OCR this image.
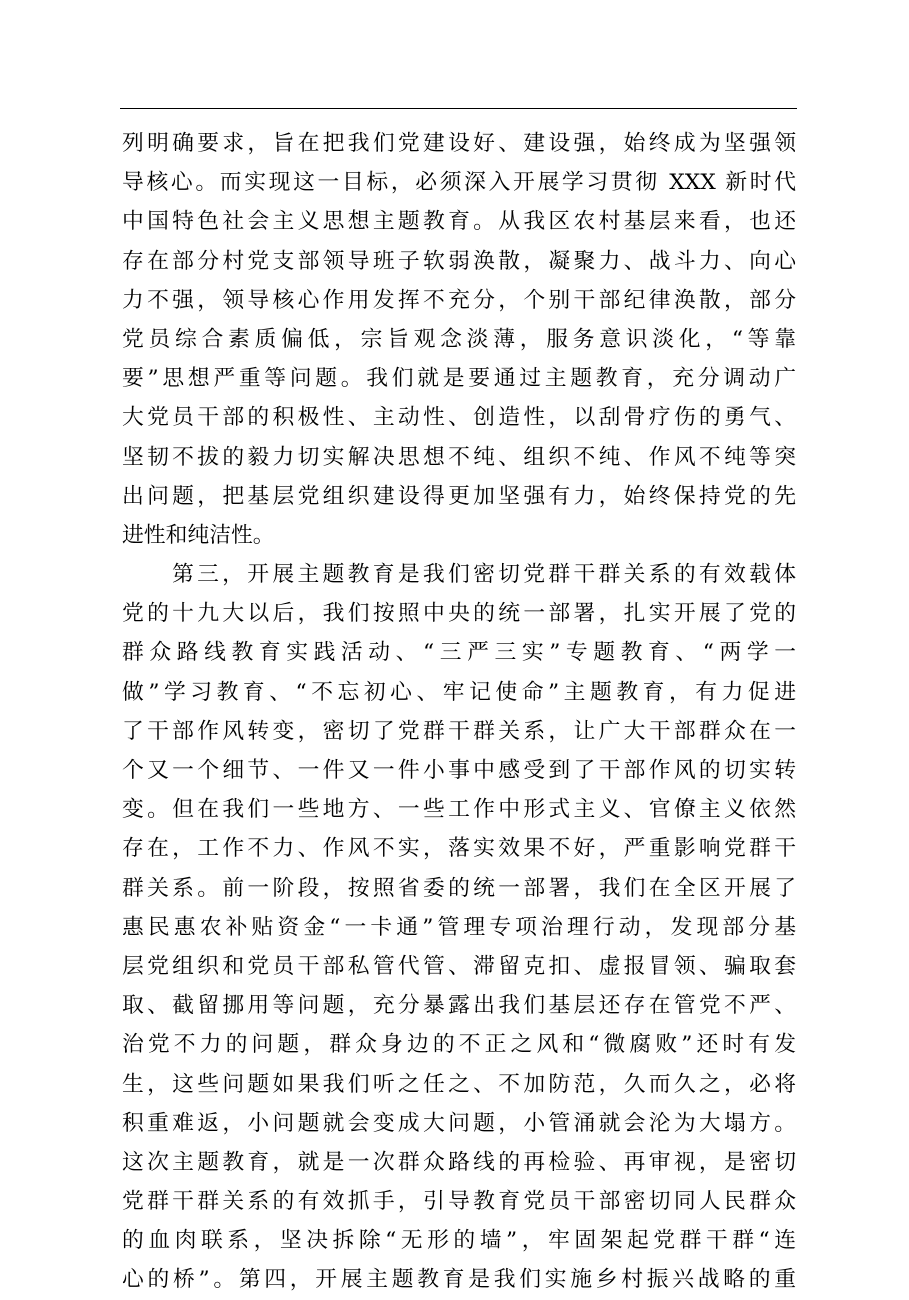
列明确要求，旨在把我们党建设好、建设强，始终成为坚强领
导核心。而实现这一目标，必须深入开展学习贯彻 XXX 新时代
中国特色社会主义思想主题教育。从我区农村基层来看，也还
存在部分村党支部领导班子软弱涣散，凝聚力、战斗力、向心
力不强，领导核心作用发挥不充分，个别干部纪律涣散，部分
党员综合素质偏低，宗旨观念淡薄，服务意识淡化，“等靠
要”思想严重等问题。我们就是要通过主题教育，充分调动广
大党员干部的积极性、主动性、创造性，以刮骨疗伤的勇气、
坚韧不拔的毅力切实解决思想不纯、组织不纯、作风不纯等突
出问题，把基层党组织建设得更加坚强有力，始终保持党的先
进性和纯洁性。
第三，开展主题教育是我们密切党群干群关系的有效载体
党的十九大以后，我们按照中央的统一部署，扎实开展了党的
群众路线教育实践活动、“三严三实”专题教育、“两学一
做”学习教育、“不忘初心、牢记使命”主题教育，有力促进
了干部作风转变，密切了党群干群关系，让广大干部群众在一
个又一个细节、一件又一件小事中感受到了干部作风的切实转
变。但在我们一些地方、一些工作中形式主义、官僚主义依然
存在，工作不力、作风不实，落实效果不好，严重影响党群干
群关系。前一阶段，按照省委的统一部署，我们在全区开展了
惠民惠农补贴资金“一卡通”管理专项治理行动，发现部分基
层党组织和党员干部私管代管、滞留克扣、虚报冒领、骗取套
取、截留挪用等问题，充分暴露出我们基层还存在管党不严、
治党不力的问题，群众身边的不正之风和“微腐败”还时有发
生，这些问题如果我们听之任之、不加防范，久而久之，必将
积重难返，小问题就会变成大问题，小管涌就会沦为大塌方。
这次主题教育，就是一次群众路线的再检验、再审视，是密切
党群干群关系的有效抓手，引导教育党员干部密切同人民群众
的血肉联系，坚决拆除“无形的墙”，牢固架起党群干群“连
心的桥”。第四，开展主题教育是我们实施乡村振兴战略的重
